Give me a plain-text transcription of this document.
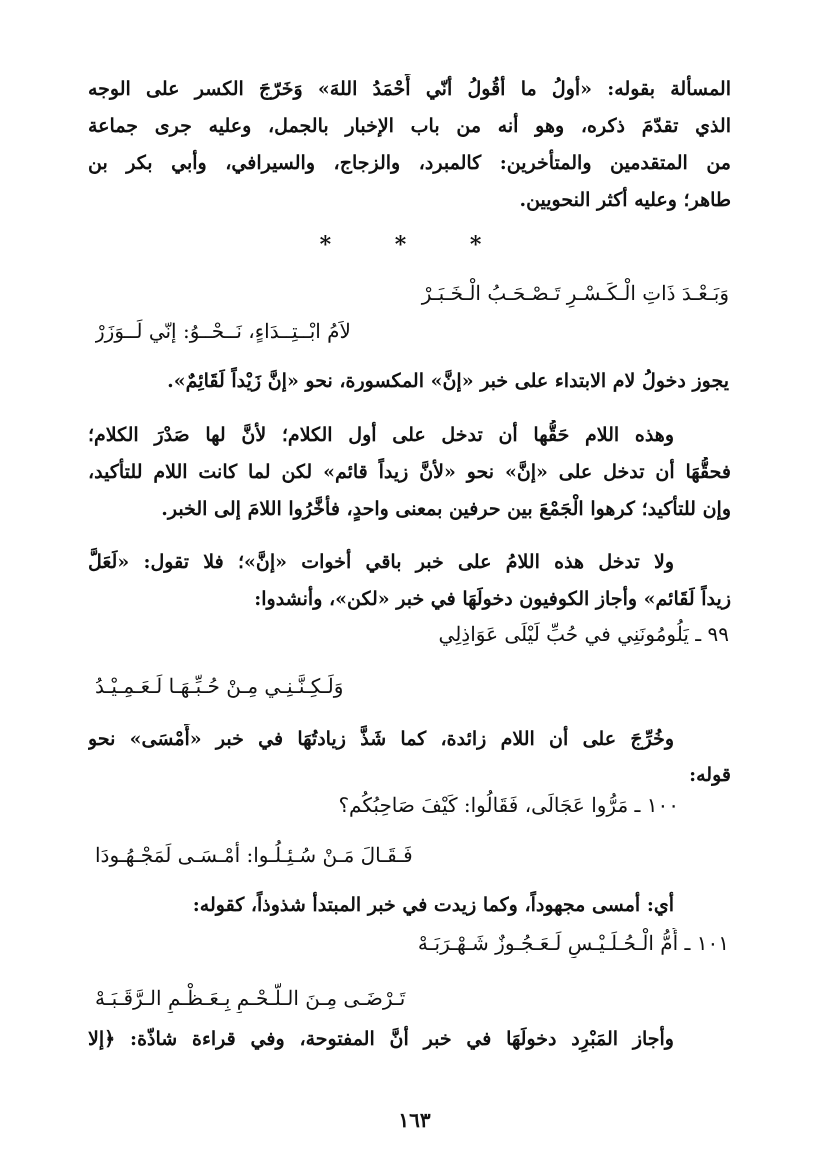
المسألة بقوله: «أولُ ما أقُولُ أنّي أَحْمَدُ اللهَ» وَخَرّجَ الكسر على الوجه
الذي تقدّمَ ذكره، وهو أنه من باب الإخبار بالجمل، وعليه جرى جماعة
من المتقدمين والمتأخرين: كالمبرد، والزجاج، والسيرافي، وأبي بكر بن
طاهر؛ وعليه أكثر النحويين.
* * *
وَبَـعْـدَ ذَاتِ الْـكَـسْـرِ تَـصْـحَـبُ الْـخَـبَـرْ
لاَمُ ابْــتِــدَاءٍ، نَــحْــوُ: إنّي لَــوَزَرْ
يجوز دخولُ لام الابتداء على خبر «إنَّ» المكسورة، نحو «إنَّ زَيْداً لَقَائِمٌ».
وهذه اللام حَقُّها أن تدخل على أول الكلام؛ لأنَّ لها صَدْرَ الكلام؛
فحقُّهَا أن تدخل على «إنَّ» نحو «لأنَّ زيداً قائم» لكن لما كانت اللام للتأكيد،
وإن للتأكيد؛ كرهوا الْجَمْعَ بين حرفين بمعنى واحدٍ، فأخَّرُوا اللامَ إلى الخبر.
ولا تدخل هذه اللامُ على خبر باقي أخوات «إنَّ»؛ فلا تقول: «لَعَلَّ
زيداً لَقَائم» وأجاز الكوفيون دخولَهَا في خبر «لكن»، وأنشدوا:
٩٩ ـ يَلُومُونَنِي في حُبِّ لَيْلَى عَوَاذِلِي
وَلَـكِـنَّـنِـي مِـنْ حُـبِّـهَـا لَـعَـمِـيْـدُ
وخُرِّجَ على أن اللام زائدة، كما شَذَّ زيادتُهَا في خبر «أَمْسَى» نحو
قوله:
١٠٠ ـ مَرُّوا عَجَالَى، فَقَالُوا: كَيْفَ صَاحِبُكُم؟
فَـقَـالَ مَـنْ سُـئِـلُـوا: أمْـسَـى لَمَجْـهُـودَا
أي: أمسى مجهوداً، وكما زيدت في خبر المبتدأ شذوذاً، كقوله:
١٠١ ـ أُمُّ الْـحُـلَـيْـسِ لَـعَـجُـوزٌ شَـهْـرَبَـهْ
تَـرْضَـى مِـنَ الـلَّـحْـمِ بِـعَـظْـمِ الـرَّقَـبَـهْ
وأجاز المَبْرِد دخولَهَا في خبر أنَّ المفتوحة، وفي قراءة شاذّة: ﴿إلا
١٦٣
